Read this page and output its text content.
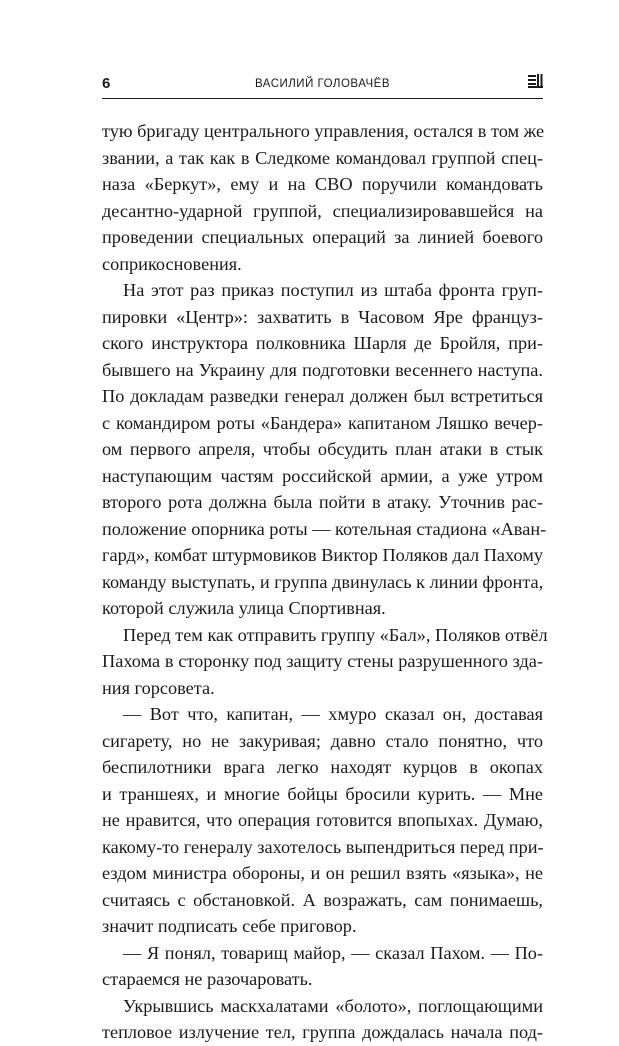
6	ВАСИЛИЙ ГОЛОВАЧЁВ
тую бригаду центрального управления, остался в том же
звании, а так как в Следкоме командовал группой спец-
наза «Беркут», ему и на СВО поручили командовать
десантно-ударной группой, специализировавшейся на
проведении специальных операций за линией боевого
соприкосновения.
На этот раз приказ поступил из штаба фронта груп-
пировки «Центр»: захватить в Часовом Яре француз-
ского инструктора полковника Шарля де Бройля, при-
бывшего на Украину для подготовки весеннего наступа.
По докладам разведки генерал должен был встретиться
с командиром роты «Бандера» капитаном Ляшко вечер-
ом первого апреля, чтобы обсудить план атаки в стык
наступающим частям российской армии, а уже утром
второго рота должна была пойти в атаку. Уточнив рас-
положение опорника роты — котельная стадиона «Аван-
гард», комбат штурмовиков Виктор Поляков дал Пахому
команду выступать, и группа двинулась к линии фронта,
которой служила улица Спортивная.
Перед тем как отправить группу «Бал», Поляков отвёл
Пахома в сторонку под защиту стены разрушенного зда-
ния горсовета.
— Вот что, капитан, — хмуро сказал он, доставая
сигарету, но не закуривая; давно стало понятно, что
беспилотники врага легко находят курцов в окопах
и траншеях, и многие бойцы бросили курить. — Мне
не нравится, что операция готовится впопыхах. Думаю,
какому-то генералу захотелось выпендриться перед при-
ездом министра обороны, и он решил взять «языка», не
считаясь с обстановкой. А возражать, сам понимаешь,
значит подписать себе приговор.
— Я понял, товарищ майор, — сказал Пахом. — По-
стараемся не разочаровать.
Укрывшись маскхалатами «болото», поглощающими
тепловое излучение тел, группа дождалась начала под-
